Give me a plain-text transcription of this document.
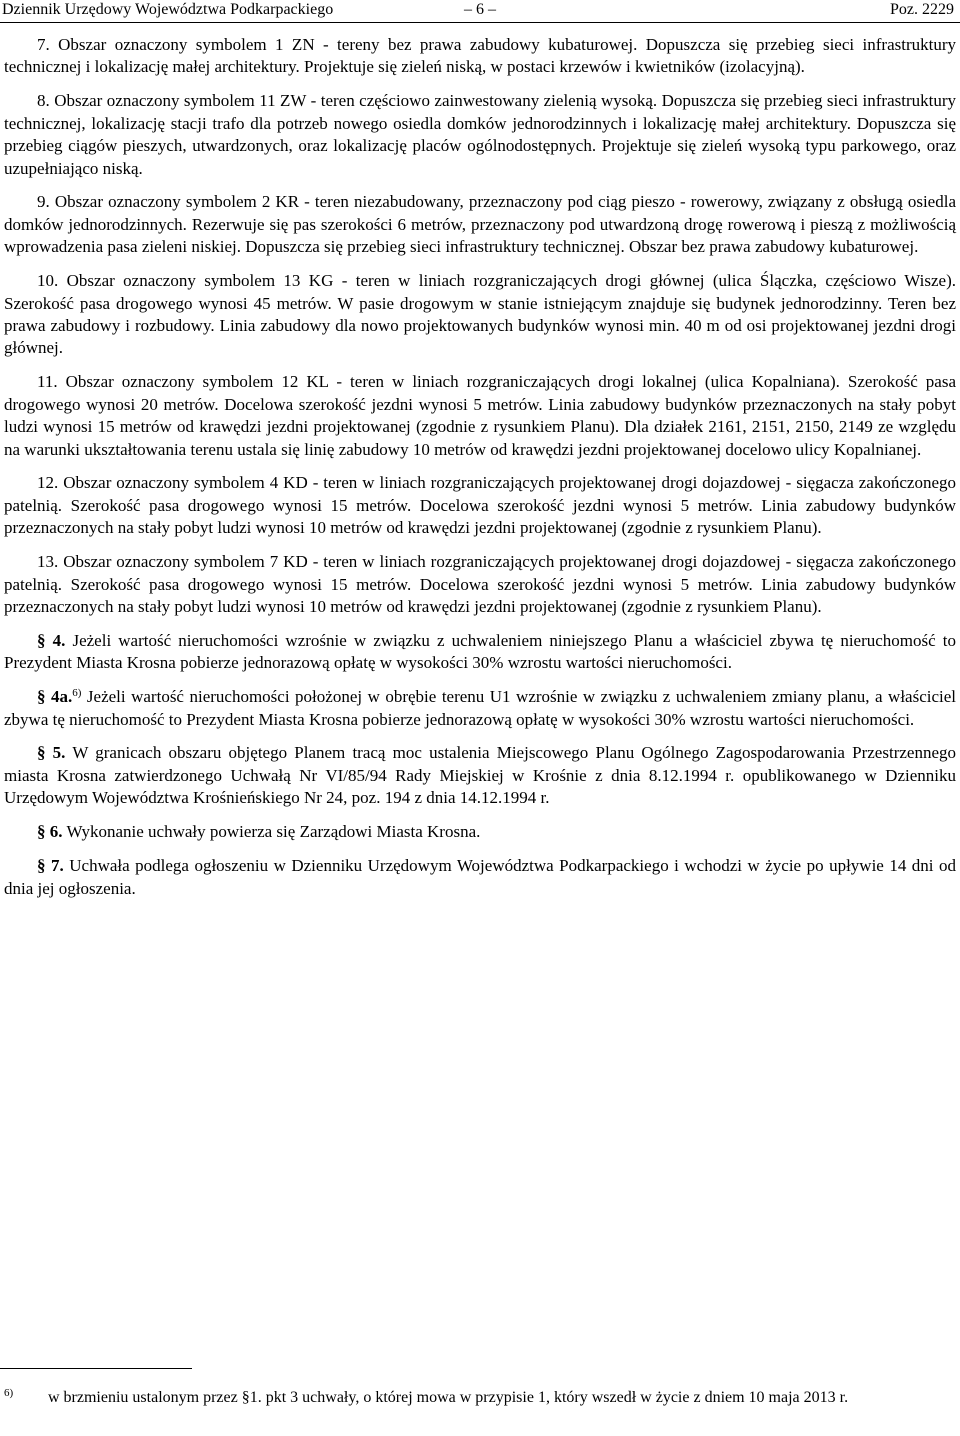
Dziennik Urzędowy Województwa Podkarpackiego	– 6 –	Poz. 2229

7. Obszar oznaczony symbolem 1 ZN - tereny bez prawa zabudowy kubaturowej. Dopuszcza się przebieg sieci infrastruktury technicznej i lokalizację małej architektury. Projektuje się zieleń niską, w postaci krzewów i kwietników (izolacyjną).

8. Obszar oznaczony symbolem 11 ZW - teren częściowo zainwestowany zielenią wysoką. Dopuszcza się przebieg sieci infrastruktury technicznej, lokalizację stacji trafo dla potrzeb nowego osiedla domków jednorodzinnych i lokalizację małej architektury. Dopuszcza się przebieg ciągów pieszych, utwardzonych, oraz lokalizację placów ogólnodostępnych. Projektuje się zieleń wysoką typu parkowego, oraz uzupełniająco niską.

9. Obszar oznaczony symbolem 2 KR - teren niezabudowany, przeznaczony pod ciąg pieszo - rowerowy, związany z obsługą osiedla domków jednorodzinnych. Rezerwuje się pas szerokości 6 metrów, przeznaczony pod utwardzoną drogę rowerową i pieszą z możliwością wprowadzenia pasa zieleni niskiej. Dopuszcza się przebieg sieci infrastruktury technicznej. Obszar bez prawa zabudowy kubaturowej.

10. Obszar oznaczony symbolem 13 KG - teren w liniach rozgraniczających drogi głównej (ulica Ślączka, częściowo Wisze). Szerokość pasa drogowego wynosi 45 metrów. W pasie drogowym w stanie istniejącym znajduje się budynek jednorodzinny. Teren bez prawa zabudowy i rozbudowy. Linia zabudowy dla nowo projektowanych budynków wynosi min. 40 m od osi projektowanej jezdni drogi głównej.

11. Obszar oznaczony symbolem 12 KL - teren w liniach rozgraniczających drogi lokalnej (ulica Kopalniana). Szerokość pasa drogowego wynosi 20 metrów. Docelowa szerokość jezdni wynosi 5 metrów. Linia zabudowy budynków przeznaczonych na stały pobyt ludzi wynosi 15 metrów od krawędzi jezdni projektowanej (zgodnie z rysunkiem Planu). Dla działek 2161, 2151, 2150, 2149 ze względu na warunki ukształtowania terenu ustala się linię zabudowy 10 metrów od krawędzi jezdni projektowanej docelowo ulicy Kopalnianej.

12. Obszar oznaczony symbolem 4 KD - teren w liniach rozgraniczających projektowanej drogi dojazdowej - sięgacza zakończonego patelnią. Szerokość pasa drogowego wynosi 15 metrów. Docelowa szerokość jezdni wynosi 5 metrów. Linia zabudowy budynków przeznaczonych na stały pobyt ludzi wynosi 10 metrów od krawędzi jezdni projektowanej (zgodnie z rysunkiem Planu).

13. Obszar oznaczony symbolem 7 KD - teren w liniach rozgraniczających projektowanej drogi dojazdowej - sięgacza zakończonego patelnią. Szerokość pasa drogowego wynosi 15 metrów. Docelowa szerokość jezdni wynosi 5 metrów. Linia zabudowy budynków przeznaczonych na stały pobyt ludzi wynosi 10 metrów od krawędzi jezdni projektowanej (zgodnie z rysunkiem Planu).

§ 4. Jeżeli wartość nieruchomości wzrośnie w związku z uchwaleniem niniejszego Planu a właściciel zbywa tę nieruchomość to Prezydent Miasta Krosna pobierze jednorazową opłatę w wysokości 30% wzrostu wartości nieruchomości.

§ 4a.$^{6)}$ Jeżeli wartość nieruchomości położonej w obrębie terenu U1 wzrośnie w związku z uchwaleniem zmiany planu, a właściciel zbywa tę nieruchomość to Prezydent Miasta Krosna pobierze jednorazową opłatę w wysokości 30% wzrostu wartości nieruchomości.

§ 5. W granicach obszaru objętego Planem tracą moc ustalenia Miejscowego Planu Ogólnego Zagospodarowania Przestrzennego miasta Krosna zatwierdzonego Uchwałą Nr VI/85/94 Rady Miejskiej w Krośnie z dnia 8.12.1994 r. opublikowanego w Dzienniku Urzędowym Województwa Krośnieńskiego Nr 24, poz. 194 z dnia 14.12.1994 r.

§ 6. Wykonanie uchwały powierza się Zarządowi Miasta Krosna.

§ 7. Uchwała podlega ogłoszeniu w Dzienniku Urzędowym Województwa Podkarpackiego i wchodzi w życie po upływie 14 dni od dnia jej ogłoszenia.

$^{6)}$ w brzmieniu ustalonym przez §1. pkt 3 uchwały, o której mowa w przypisie 1, który wszedł w życie z dniem 10 maja 2013 r.
